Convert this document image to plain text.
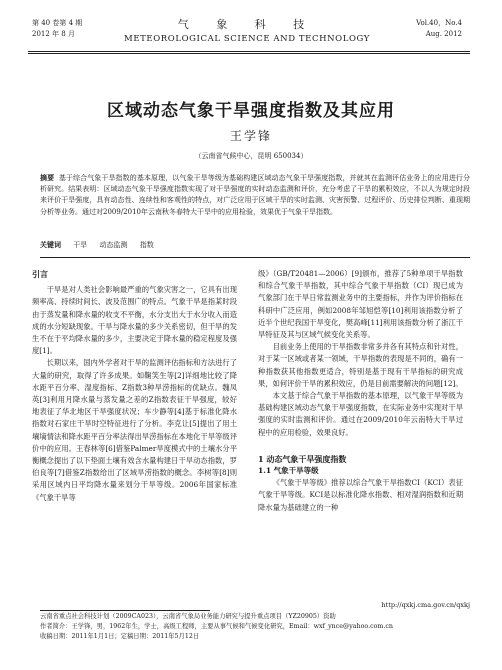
第 40 卷第 4 期
2012 年 8 月
气 象 科 技
METEOROLOGICAL SCIENCE AND TECHNOLOGY
Vol.40，No.4
Aug. 2012
区域动态气象干旱强度指数及其应用
王学锋
（云南省气候中心，昆明 650034）
摘要 基于综合气象干旱指数的基本原理，以气象干旱等级为基础构建区域动态气象干旱强度指数，并就其在监测评估业务上的应用进行分析研究。结果表明：区域动态气象干旱强度指数实现了对干旱强度的实时动态监测和评价，充分考虑了干旱的累积效应，不以人为规定时段来评价干旱强度，具有动态性、连续性和客观性的特点，对广泛应用于区域干旱的实时监测、灾害预警、过程评价、历史排位判断、重现期分析等业务。通过对2009/2010年云南秋冬春特大干旱中的应用检验，效果优于气象干旱指数。
关键词 干旱 动态监测 指数

引言

干旱是对人类社会影响最严重的气象灾害之一，它具有出现频率高、持续时间长、波及范围广的特点。气象干旱是指某时段由于蒸发量和降水量的收支不平衡，水分支出大于水分收入而造成的水分短缺现象。干旱与降水量的多少关系密切，但干旱的发生不在于平均降水量的多少，主要决定于降水量的稳定程度及强度[1]。

长期以来，国内外学者对干旱的监测评估指标和方法进行了大量的研究，取得了许多成果。如鞠笑生等[2]详细地比较了降水距平百分率、湿度指标、Z指数3种旱涝指标的优缺点。魏凤英[3]利用月降水量与蒸发量之差的Z指数表征干旱强度，较好地表征了华北地区干旱强度状况；车少静等[4]基于标准化降水指数对石家庄干旱时空特征进行了分析。李克让[5]提出了用土壤墒情法和降水距平百分率法得出旱涝指标在本地化干旱等级评价中的应用。王春林等[6]借鉴Palmer旱度模式中的土壤水分平衡概念提出了以下垫面土壤有效含水量构建日干旱动态指数，罗伯良等[7]借鉴Z指数给出了区域旱涝指数的概念。李树等[8]则采用区域内日平均降水量来划分干旱等级。2006年国家标准《气象干旱等

级》（GB/T20481—2006）[9]颁布，推荐了5种单项干旱指数和综合气象干旱指数，其中综合气象干旱指数（CI）现已成为气象部门在干旱日常监测业务中的主要指标，并作为评价指标在科研中广泛应用，例如2008年邹旭恺等[10]利用该指数分析了近半个世纪我国干旱变化，樊高峰[11]利用该指数分析了浙江干旱特征及其与区域气候变化关系等。

目前业务上使用的干旱指数非常多并各有其特点和针对性，对于某一区域或者某一领域，干旱指数的表现是不同的，确有一种指数获其他指数更适合，特别是基于现有干旱指标的研究成果，如何评价干旱的累积效应，仍是目前需要解决的问题[12]。

本文基于综合气象干旱指数的基本原理，以气象干旱等级为基础构建区域动态气象干旱强度指数，在实际业务中实现对干旱强度的实时监测和评价。通过在2009/2010年云南特大干旱过程中的应用检验，效果良好。

1 动态气象干旱强度指数

1.1 气象干旱等级

《气象干旱等级》推荐以综合气象干旱指数CI（KCI）表征气象干旱等级。KCI是以标准化降水指数、相对湿润指数和近期降水量为基础建立的一种

http://qxkj.cma.gov.cn/qxkj
云南省重点社会科技计划（2009CA023），云南省气象局业务能力研究与提升重点项目（YZ20905）资助
作者简介：王学锋，男，1962年生，学士，高级工程师，主要从事气候和气候变化研究，Email：wxf_ynce@yahoo.com.cn
收稿日期：2011年1月1日；定稿日期：2011年5月12日
